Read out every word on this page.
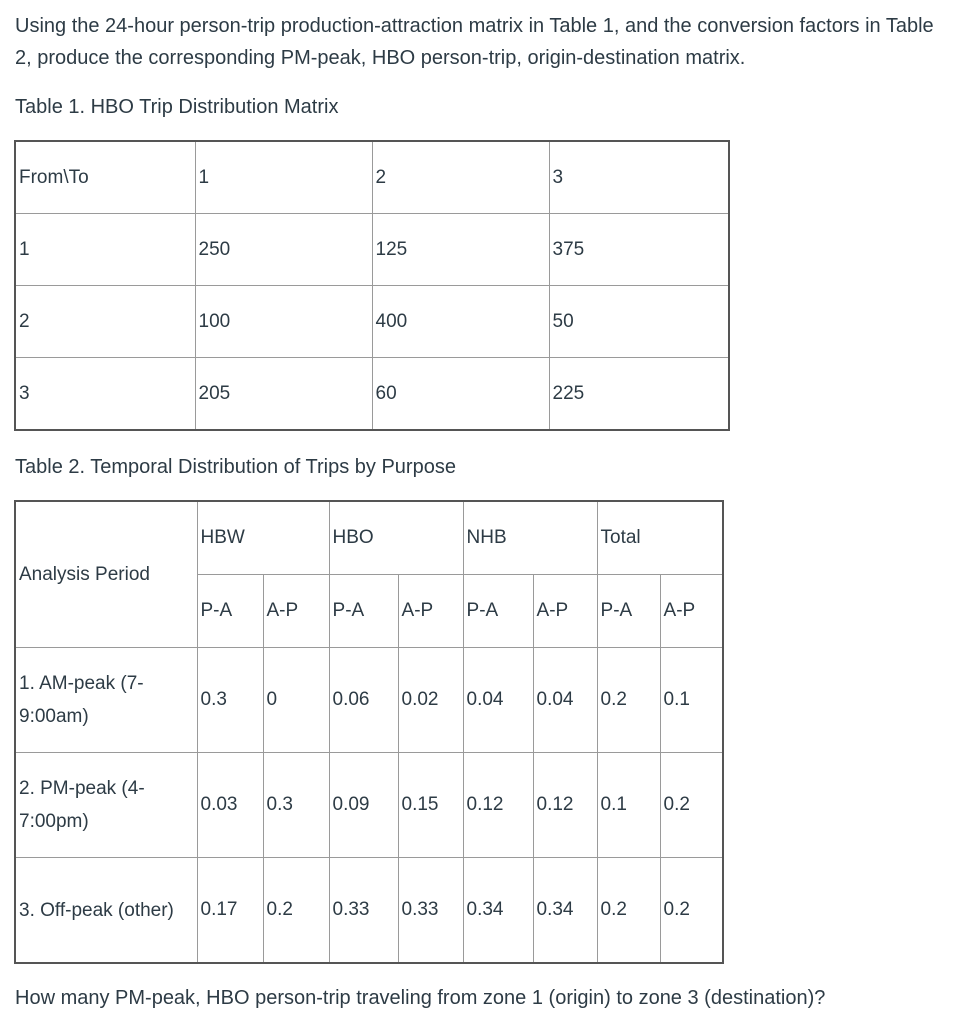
Using the 24-hour person-trip production-attraction matrix in Table 1, and the conversion factors in Table 2, produce the corresponding PM-peak, HBO person-trip, origin-destination matrix.

Table 1. HBO Trip Distribution Matrix

From\To	1	2	3
1	250	125	375
2	100	400	50
3	205	60	225

Table 2. Temporal Distribution of Trips by Purpose

Analysis Period	HBW		HBO		NHB		Total	
	P-A	A-P	P-A	A-P	P-A	A-P	P-A	A-P
1. AM-peak (7-9:00am)	0.3	0	0.06	0.02	0.04	0.04	0.2	0.1
2. PM-peak (4-7:00pm)	0.03	0.3	0.09	0.15	0.12	0.12	0.1	0.2
3. Off-peak (other)	0.17	0.2	0.33	0.33	0.34	0.34	0.2	0.2

How many PM-peak, HBO person-trip traveling from zone 1 (origin) to zone 3 (destination)?
